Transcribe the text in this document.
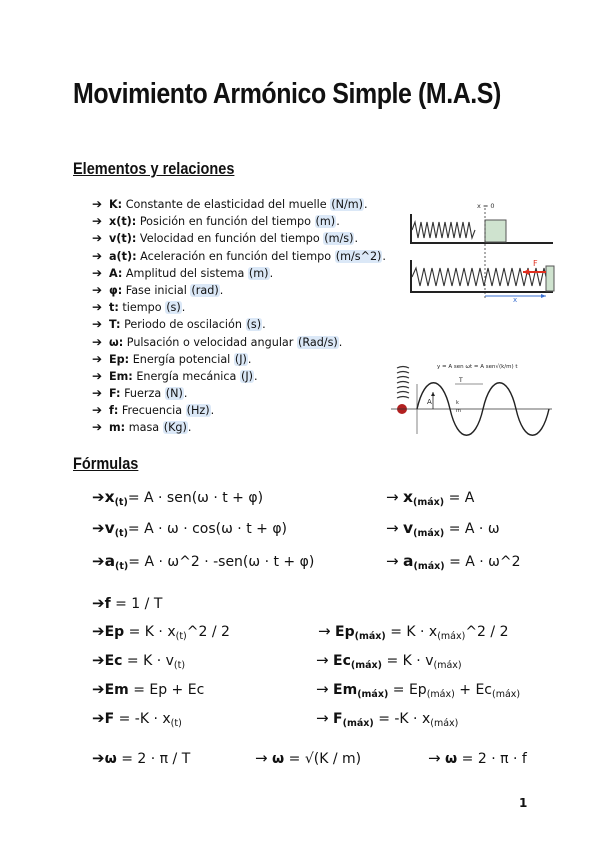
Movimiento Armónico Simple (M.A.S)
Elementos y relaciones
➔ K: Constante de elasticidad del muelle (N/m).
➔ x(t): Posición en función del tiempo (m).
➔ v(t): Velocidad en función del tiempo (m/s).
➔ a(t): Aceleración en función del tiempo (m/s^2).
➔ A: Amplitud del sistema (m).
➔ φ: Fase inicial (rad).
➔ t: tiempo (s).
➔ T: Periodo de oscilación (s).
➔ ω: Pulsación o velocidad angular (Rad/s).
➔ Ep: Energía potencial (J).
➔ Em: Energía mecánica (J).
➔ F: Fuerza (N).
➔ f: Frecuencia (Hz).
➔ m: masa (Kg).
x = 0
F
x
A
T
y = A sen ωt = A sen√(k/m) t
k
m
Fórmulas
$➔x_{(t)}= A \cdot sen(\omega \cdot t + \varphi)$	→ $x_{(máx)} = A$
$➔v_{(t)}= A \cdot \omega \cdot \cos(\omega \cdot t + \varphi)$	→ $v_{(máx)} = A \cdot \omega$
$➔a_{(t)}= A$ · ω^2 · -sen(ω · t + φ)	→ $a_{(máx)} = A$ · ω^2
➔f = 1 / T
➔Ep = $K \cdot x_{(t)}\^{}2 / 2$	→ $Ep_{(máx)} = K$ · $x_{(máx)}\^{}2 / 2$
➔Ec = $K \cdot v_{(t)}$	→ $Ec_{(máx)} = K \cdot v_{(máx)}$
➔Em = Ep + Ec	→ $Em_{(máx)} = Ep_{(máx)} + Ec_{(máx)}$
➔F = $-K \cdot x_{(t)}$	→ $F_{(máx)} = -K \cdot x_{(máx)}$
➔ω = 2 · π / T	→ ω = √(K / m)	→ ω = 2 · π · f
1
